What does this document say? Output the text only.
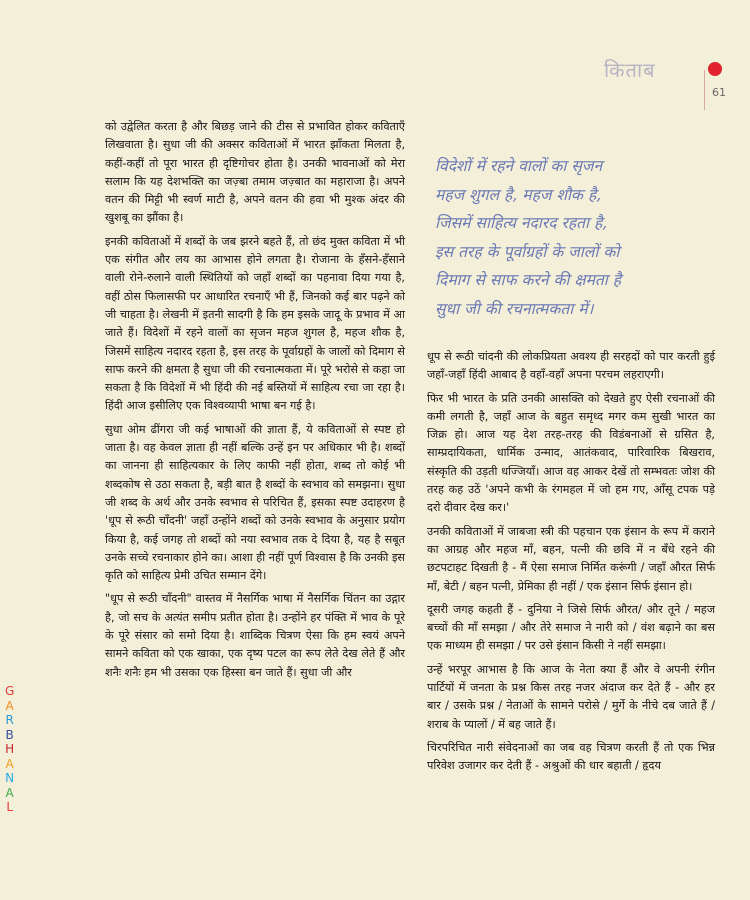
किताब
61
G
A
R
B
H
A
N
A
L

को उद्वेलित करता है और बिछड़ जाने की टीस से प्रभावित होकर कविताएँ लिखवाता है। सुधा जी की अक्सर कविताओं में भारत झाँकता मिलता है, कहीं-कहीं तो पूरा भारत ही दृष्टिगोचर होता है। उनकी भावनाओं को मेरा सलाम कि यह देशभक्ति का जज़्बा तमाम जज़्बात का महाराजा है। अपने वतन की मिट्टी भी स्वर्ण माटी है, अपने वतन की हवा भी मुश्क अंदर की खुशबू का झौंका है।

इनकी कविताओं में शब्दों के जब झरने बहते हैं, तो छंद मुक्त कविता में भी एक संगीत और लय का आभास होने लगता है। रोजाना के हँसने-हँसाने वाली रोने-रुलाने वाली स्थितियों को जहाँ शब्दों का पहनावा दिया गया है, वहीं ठोस फिलासफी पर आधारित रचनाएँ भी हैं, जिनको कई बार पढ़ने को जी चाहता है। लेखनी में इतनी सादगी है कि हम इसके जादू के प्रभाव में आ जाते हैं। विदेशों में रहने वालों का सृजन महज शुगल है, महज शौक है, जिसमें साहित्य नदारद रहता है, इस तरह के पूर्वाग्रहों के जालों को दिमाग से साफ करने की क्षमता है सुधा जी की रचनात्मकता में। पूरे भरोसे से कहा जा सकता है कि विदेशों में भी हिंदी की नई बस्तियों में साहित्य रचा जा रहा है। हिंदी आज इसीलिए एक विश्वव्यापी भाषा बन गई है।

सुधा ओम ढींगरा जी कई भाषाओं की ज्ञाता हैं, ये कविताओं से स्पष्ट हो जाता है। वह केवल ज्ञाता ही नहीं बल्कि उन्हें इन पर अधिकार भी है। शब्दों का जानना ही साहित्यकार के लिए काफी नहीं होता, शब्द तो कोई भी शब्दकोष से उठा सकता है, बड़ी बात है शब्दों के स्वभाव को समझना। सुधा जी शब्द के अर्थ और उनके स्वभाव से परिचित हैं, इसका स्पष्ट उदाहरण है 'धूप से रूठी चाँदनी' जहाँ उन्होंने शब्दों को उनके स्वभाव के अनुसार प्रयोग किया है, कई जगह तो शब्दों को नया स्वभाव तक दे दिया है, यह है सबूत उनके सच्चे रचनाकार होने का। आशा ही नहीं पूर्ण विश्वास है कि उनकी इस कृति को साहित्य प्रेमी उचित सम्मान देंगे।

"धूप से रूठी चाँदनी" वास्तव में नैसर्गिक भाषा में नैसर्गिक चिंतन का उद्गार है, जो सच के अत्यंत समीप प्रतीत होता है। उन्होंने हर पंक्ति में भाव के पूरे के पूरे संसार को समो दिया है। शाब्दिक चित्रण ऐसा कि हम स्वयं अपने सामने कविता को एक खाका, एक दृष्य पटल का रूप लेते देख लेते हैं और शनैः शनैः हम भी उसका एक हिस्सा बन जाते हैं। सुधा जी और

विदेशों में रहने वालों का सृजन

महज शुगल है, महज शौक है,

जिसमें साहित्य नदारद रहता है,

इस तरह के पूर्वाग्रहों के जालों को

दिमाग से साफ करने की क्षमता है

सुधा जी की रचनात्मकता में।

धूप से रूठी चांदनी की लोकप्रियता अवश्य ही सरहदों को पार करती हुई जहाँ-जहाँ हिंदी आबाद है वहाँ-वहाँ अपना परचम लहराएगी।

फिर भी भारत के प्रति उनकी आसक्ति को देखते हुए ऐसी रचनाओं की कमी लगती है, जहाँ आज के बहुत समृध्द मगर कम सुखी भारत का जिक्र हो। आज यह देश तरह-तरह की विडंबनाओं से ग्रसित है, साम्प्रदायिकता, धार्मिक उन्माद, आतंकवाद, पारिवारिक बिखराव, संस्कृति की उड़ती धज्जियाँ। आज वह आकर देखें तो सम्भवतः जोश की तरह कह उठें 'अपने कभी के रंगमहल में जो हम गए, आँसू टपक पड़े दरो दीवार देख कर।'

उनकी कविताओं में जाबजा स्त्री की पहचान एक इंसान के रूप में कराने का आग्रह और महज माँ, बहन, पत्नी की छवि में न बँधे रहने की छटपटाहट दिखती है - मैं ऐसा समाज निर्मित करूंगी / जहाँ औरत सिर्फ माँ, बेटी / बहन पत्नी, प्रेमिका ही नहीं / एक इंसान सिर्फ इंसान हो।

दूसरी जगह कहती हैं - दुनिया ने जिसे सिर्फ औरत/ और तूने / महज बच्चों की माँ समझा / और तेरे समाज ने नारी को / वंश बढ़ाने का बस एक माध्यम ही समझा / पर उसे इंसान किसी ने नहीं समझा।

उन्हें भरपूर आभास है कि आज के नेता क्या हैं और वे अपनी रंगीन पार्टियों में जनता के प्रश्न किस तरह नजर अंदाज कर देते हैं - और हर बार / उसके प्रश्न / नेताओं के सामने परोसे / मुर्गे के नीचे दब जाते हैं / शराब के प्यालों / में बह जाते हैं।

चिरपरिचित नारी संवेदनाओं का जब वह चित्रण करती हैं तो एक भिन्न परिवेश उजागर कर देती हैं - अश्रुओं की धार बहाती / हृदय
